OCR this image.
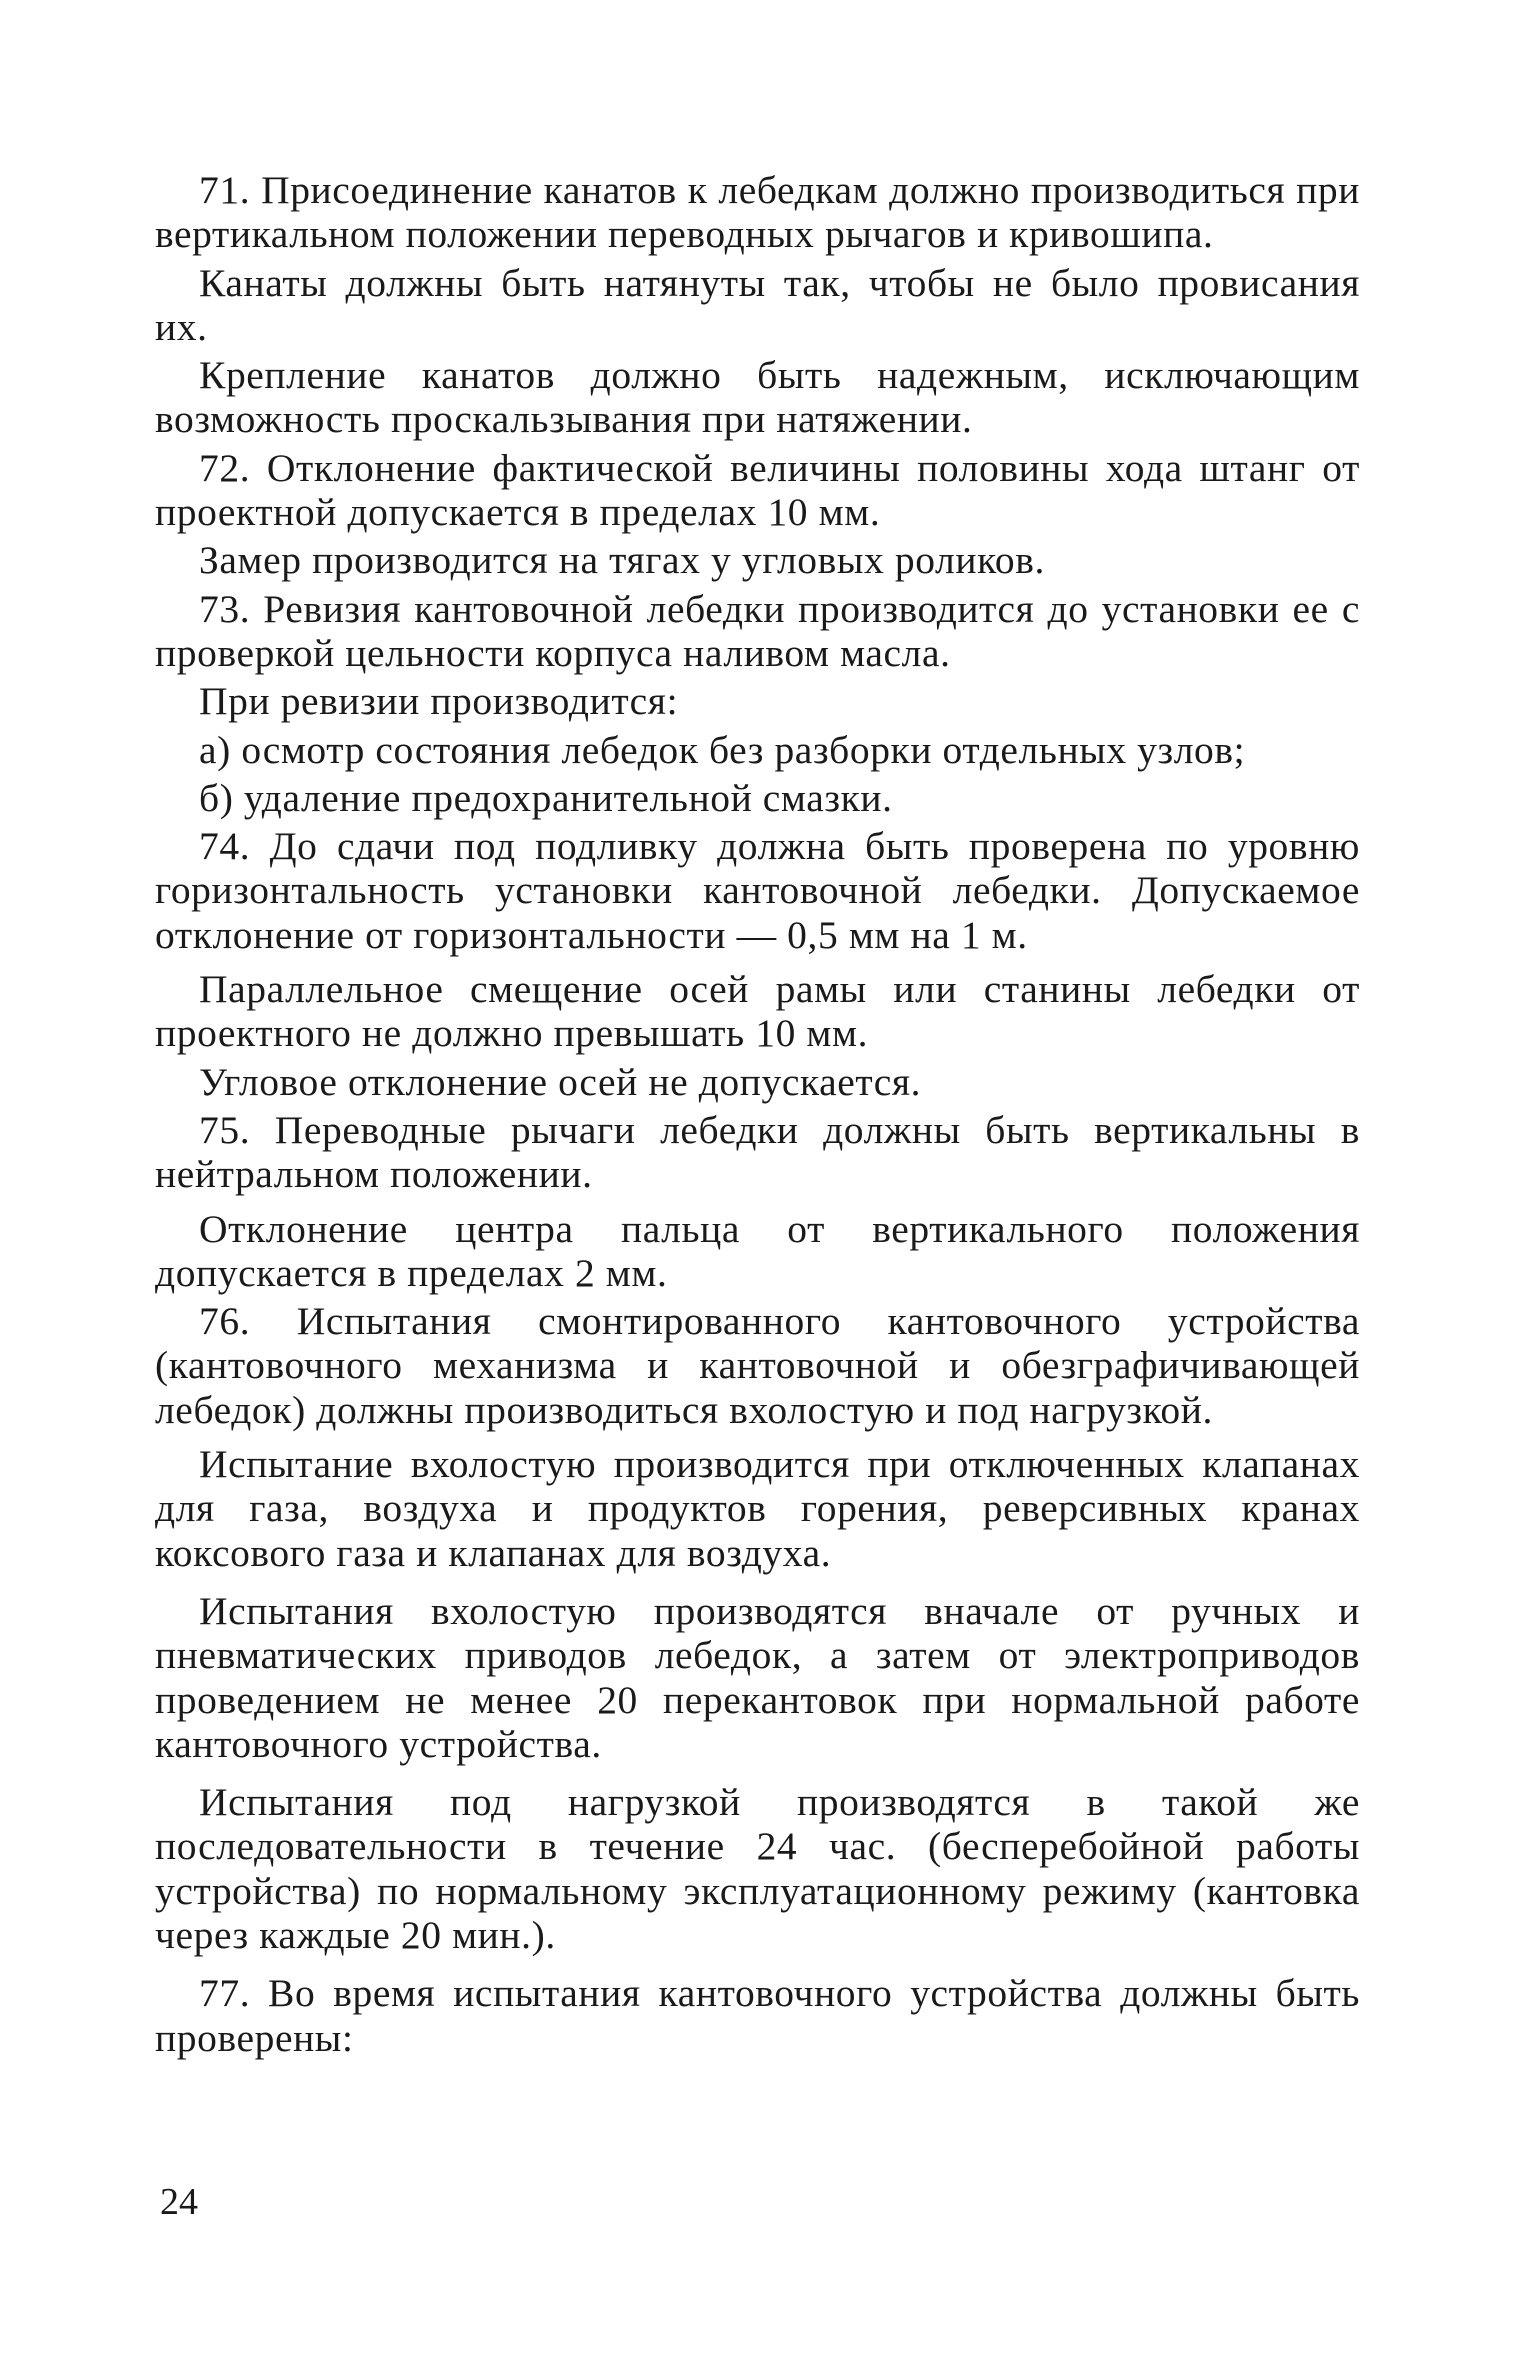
71. Присоединение канатов к лебедкам должно производиться при вертикальном положении переводных рычагов и кривошипа.

Канаты должны быть натянуты так, чтобы не было провисания их.

Крепление канатов должно быть надежным, исключающим возможность проскальзывания при натяжении.

72. Отклонение фактической величины половины хода штанг от проектной допускается в пределах 10 мм.

Замер производится на тягах у угловых роликов.

73. Ревизия кантовочной лебедки производится до установки ее с проверкой цельности корпуса наливом масла.

При ревизии производится:

а) осмотр состояния лебедок без разборки отдельных узлов;

б) удаление предохранительной смазки.

74. До сдачи под подливку должна быть проверена по уровню горизонтальность установки кантовочной лебедки. Допускаемое отклонение от горизонтальности — 0,5 мм на 1 м.

Параллельное смещение осей рамы или станины лебедки от проектного не должно превышать 10 мм.

Угловое отклонение осей не допускается.

75. Переводные рычаги лебедки должны быть вертикальны в нейтральном положении.

Отклонение центра пальца от вертикального положения допускается в пределах 2 мм.

76. Испытания смонтированного кантовочного устройства (кантовочного механизма и кантовочной и обезграфичивающей лебедок) должны производиться вхолостую и под нагрузкой.

Испытание вхолостую производится при отключенных клапанах для газа, воздуха и продуктов горения, реверсивных кранах коксового газа и клапанах для воздуха.

Испытания вхолостую производятся вначале от ручных и пневматических приводов лебедок, а затем от электроприводов проведением не менее 20 перекантовок при нормальной работе кантовочного устройства.

Испытания под нагрузкой производятся в такой же последовательности в течение 24 час. (бесперебойной работы устройства) по нормальному эксплуатационному режиму (кантовка через каждые 20 мин.).

77. Во время испытания кантовочного устройства должны быть проверены:

24
